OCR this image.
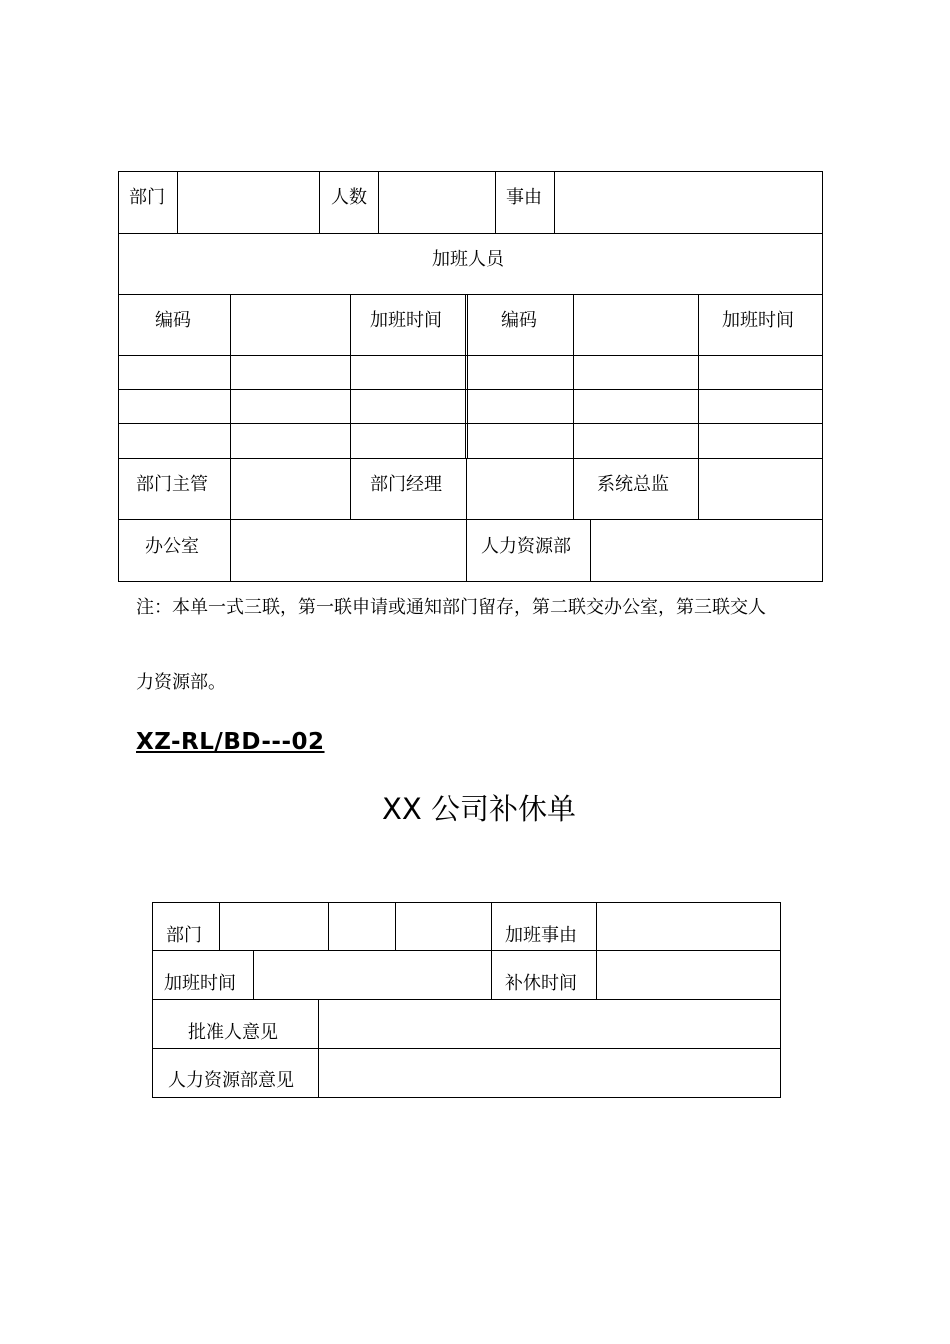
部门	人数	事由
加班人员
编码	加班时间	编码	加班时间
部门主管	部门经理	系统总监
办公室	人力资源部
注：本单一式三联，第一联申请或通知部门留存，第二联交办公室，第三联交人
力资源部。
XZ-RL/BD---02
XX 公司补休单
部门	加班事由
加班时间	补休时间
批准人意见
人力资源部意见
